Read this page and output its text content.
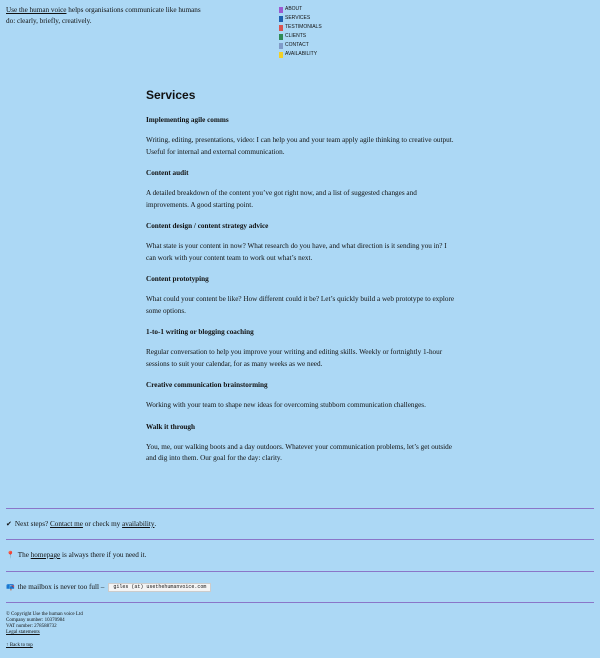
Use the human voice helps organisations communicate like humans do: clearly, briefly, creatively.
ABOUT
SERVICES
TESTIMONIALS
CLIENTS
CONTACT
AVAILABILITY
Services
Implementing agile comms

Writing, editing, presentations, video: I can help you and your team apply agile thinking to creative output. Useful for internal and external communication.

Content audit

A detailed breakdown of the content you’ve got right now, and a list of suggested changes and improvements. A good starting point.

Content design / content strategy advice

What state is your content in now? What research do you have, and what direction is it sending you in? I can work with your content team to work out what’s next.

Content prototyping

What could your content be like? How different could it be? Let’s quickly build a web prototype to explore some options.

1-to-1 writing or blogging coaching

Regular conversation to help you improve your writing and editing skills. Weekly or fortnightly 1-hour sessions to suit your calendar, for as many weeks as we need.

Creative communication brainstorming

Working with your team to shape new ideas for overcoming stubborn communication challenges.

Walk it through

You, me, our walking boots and a day outdoors. Whatever your communication problems, let’s get outside and dig into them. Our goal for the day: clarity.

✔ Next steps?
Contact me
or check my
availability .
📍 The
homepage
is always there if you need it.
📪 the mailbox is never too full –	giles (at) usethehumanvoice.com
© Copyright Use the human voice Ltd
Company number: 10370984
VAT number: 278588732
Legal statements
↑ Back to top
